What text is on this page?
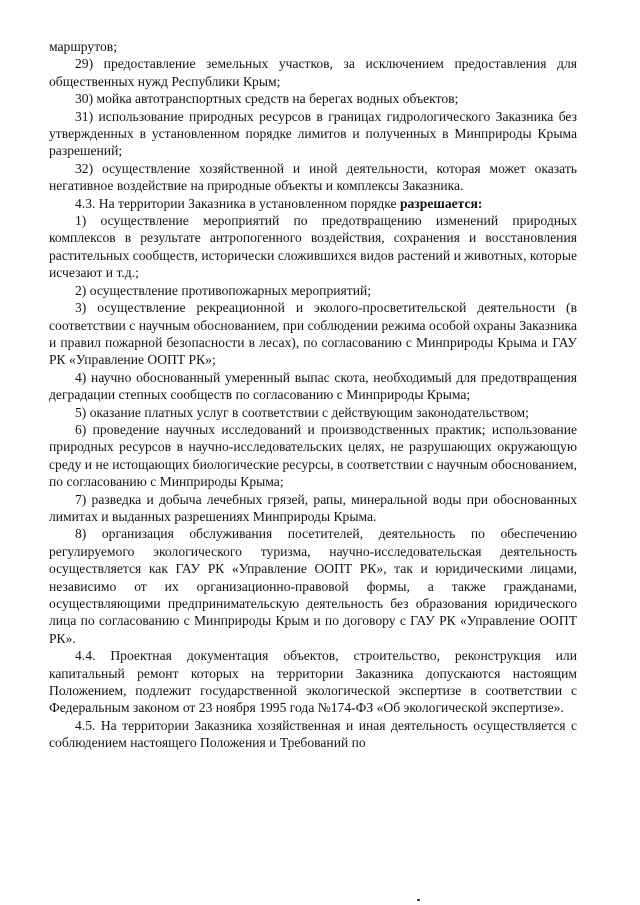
маршрутов;

29) предоставление земельных участков, за исключением предоставления для общественных нужд Республики Крым;

30) мойка автотранспортных средств на берегах водных объектов;

31) использование природных ресурсов в границах гидрологического Заказника без утвержденных в установленном порядке лимитов и полученных в Минприроды Крыма разрешений;

32) осуществление хозяйственной и иной деятельности, которая может оказать негативное воздействие на природные объекты и комплексы Заказника.

4.3. На территории Заказника в установленном порядке разрешается:

1) осуществление мероприятий по предотвращению изменений природных комплексов в результате антропогенного воздействия, сохранения и восстановления растительных сообществ, исторически сложившихся видов растений и животных, которые исчезают и т.д.;

2) осуществление противопожарных мероприятий;

3) осуществление рекреационной и эколого-просветительской деятельности (в соответствии с научным обоснованием, при соблюдении режима особой охраны Заказника и правил пожарной безопасности в лесах), по согласованию с Минприроды Крыма и ГАУ РК «Управление ООПТ РК»;

4) научно обоснованный умеренный выпас скота, необходимый для предотвращения деградации степных сообществ по согласованию с Минприроды Крыма;

5) оказание платных услуг в соответствии с действующим законодательством;

6) проведение научных исследований и производственных практик; использование природных ресурсов в научно-исследовательских целях, не разрушающих окружающую среду и не истощающих биологические ресурсы, в соответствии с научным обоснованием, по согласованию с Минприроды Крыма;

7) разведка и добыча лечебных грязей, рапы, минеральной воды при обоснованных лимитах и выданных разрешениях Минприроды Крыма.

8) организация обслуживания посетителей, деятельность по обеспечению регулируемого экологического туризма, научно-исследовательская деятельность осуществляется как ГАУ РК «Управление ООПТ РК», так и юридическими лицами, независимо от их организационно-правовой формы, а также гражданами, осуществляющими предпринимательскую деятельность без образования юридического лица по согласованию с Минприроды Крым и по договору с ГАУ РК «Управление ООПТ РК».

4.4. Проектная документация объектов, строительство, реконструкция или капитальный ремонт которых на территории Заказника допускаются настоящим Положением, подлежит государственной экологической экспертизе в соответствии с Федеральным законом от 23 ноября 1995 года №174-ФЗ «Об экологической экспертизе».

4.5. На территории Заказника хозяйственная и иная деятельность осуществляется с соблюдением настоящего Положения и Требований по
